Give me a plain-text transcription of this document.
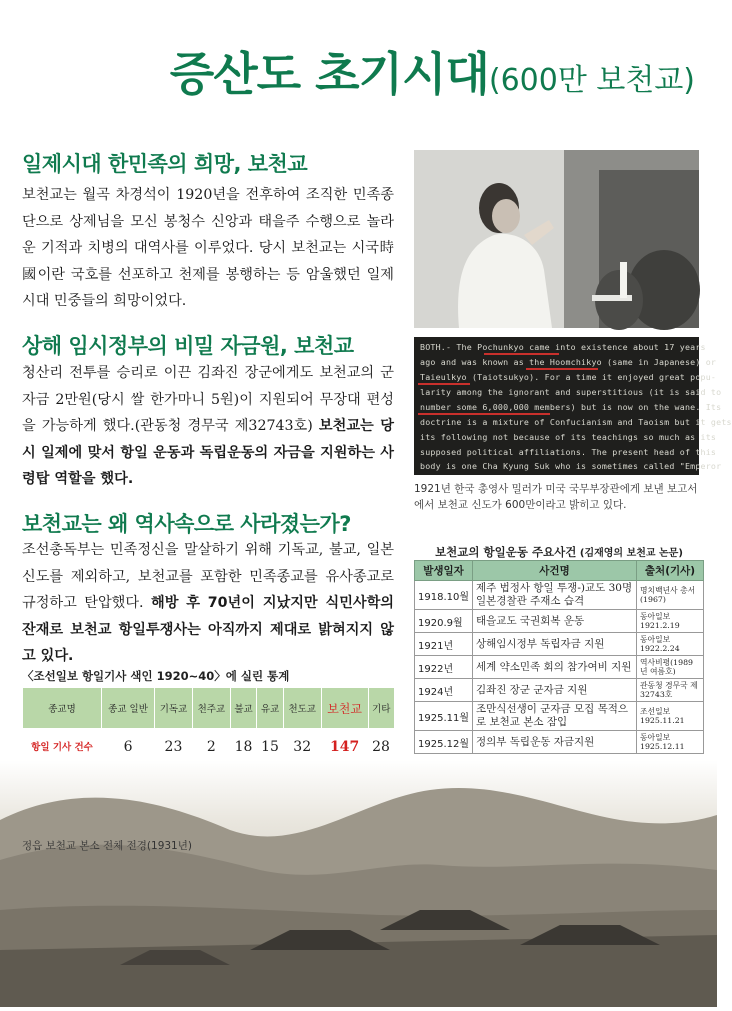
증산도 초기시대(600만 보천교)
일제시대 한민족의 희망, 보천교
보천교는 월곡 차경석이 1920년을 전후하여 조직한 민족종단으로 상제님을 모신 봉청수 신앙과 태을주 수행으로 놀라운 기적과 치병의 대역사를 이루었다. 당시 보천교는 시국時國이란 국호를 선포하고 천제를 봉행하는 등 암울했던 일제시대 민중들의 희망이었다.
상해 임시정부의 비밀 자금원, 보천교
청산리 전투를 승리로 이끈 김좌진 장군에게도 보천교의 군자금 2만원(당시 쌀 한가마니 5원)이 지원되어 무장대 편성을 가능하게 했다.(관동청 경무국 제32743호) 보천교는 당시 일제에 맞서 항일 운동과 독립운동의 자금을 지원하는 사령탑 역할을 했다.
보천교는 왜 역사속으로 사라졌는가?
조선총독부는 민족정신을 말살하기 위해 기독교, 불교, 일본신도를 제외하고, 보천교를 포함한 민족종교를 유사종교로 규정하고 탄압했다. 해방 후 70년이 지났지만 식민사학의 잔재로 보천교 항일투쟁사는 아직까지 제대로 밝혀지지 않고 있다.
BOTH.- The Pochunkyo came into existence about 17 years
ago and was known as the Hoomchikyo (same in Japanese) or
Taieulkyo (Taiotsukyo). For a time it enjoyed great popu-
larity among the ignorant and superstitious (it is said to
number some 6,000,000 members) but is now on the wane. Its
doctrine is a mixture of Confucianism and Taoism but it gets
its following not because of its teachings so much as its
supposed political affiliations. The present head of this
body is one Cha Kyung Suk who is sometimes called "Emperor
1921년 한국 총영사 밀러가 미국 국무부장관에게 보낸 보고서에서 보천교 신도가 600만이라고 밝히고 있다.
보천교의 항일운동 주요사건 (김재영의 보천교 논문)
발생일자	사건명	출처(기사)
1918.10월	제주 법정사 항일 투쟁-)교도 30명 일본경찰관 주재소 습격	명치백년사 총서(1967)
1920.9월	태을교도 국권회복 운동	동아일보 1921.2.19
1921년	상해임시정부 독립자금 지원	동아일보 1922.2.24
1922년	세계 약소민족 회의 참가여비 지원	역사비평(1989년 여름호)
1924년	김좌진 장군 군자금 지원	관동청 경무국 제32743호
1925.11월	조만식선생이 군자금 모집 목적으로 보천교 본소 잠입	조선일보 1925.11.21
1925.12월	정의부 독립운동 자금지원	동아일보 1925.12.11
〈조선일보 항일기사 색인 1920~40〉에 실린 통계
종교명	종교 일반	기독교	천주교	불교	유교	천도교	보천교	기타
항일 기사 건수	6	23	2	18	15	32	147	28
정읍 보천교 본소 전체 전경(1931년)
